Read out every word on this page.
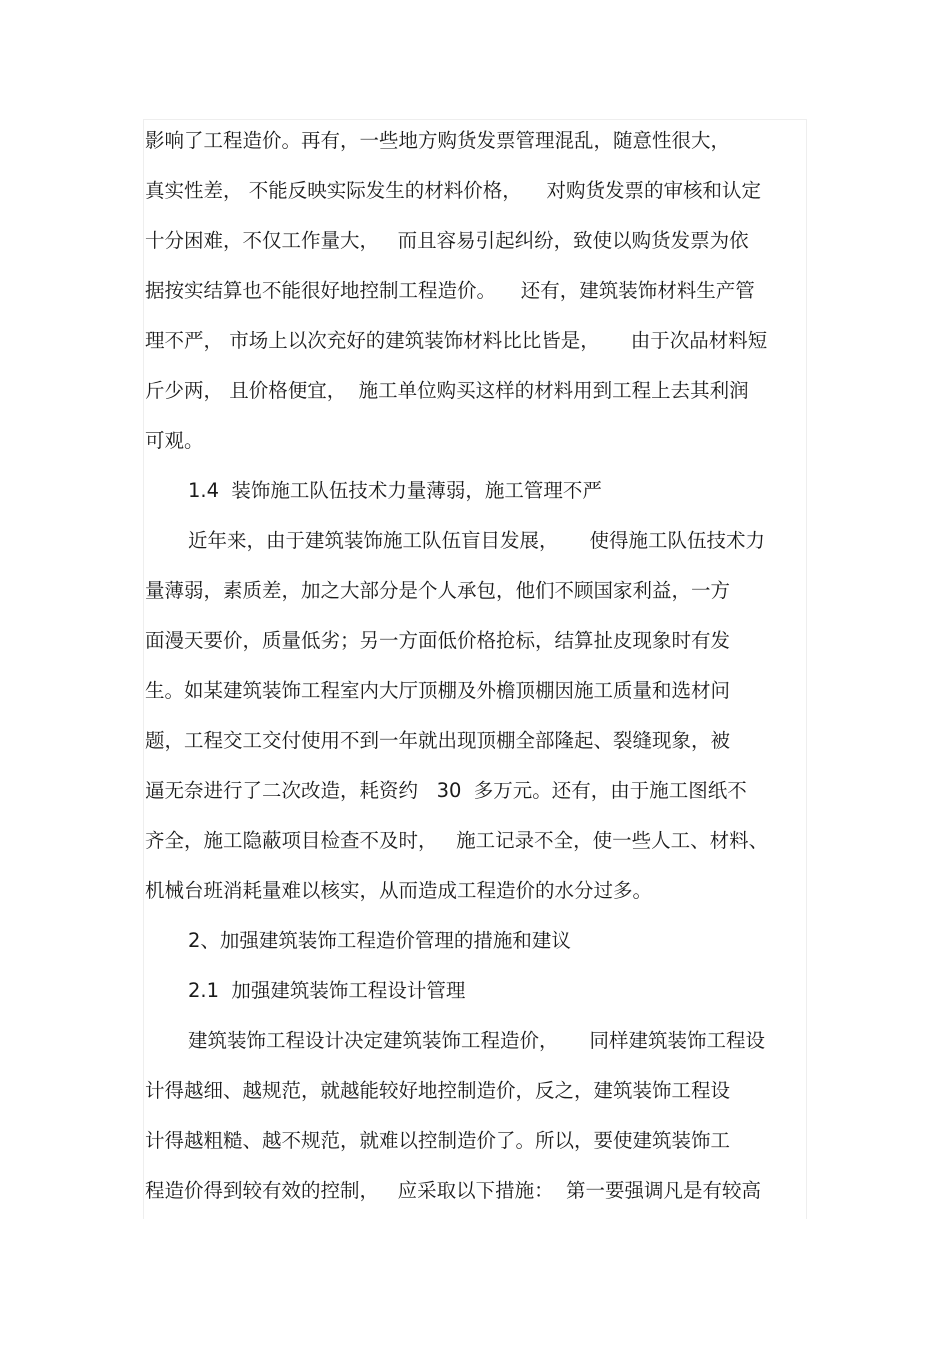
影响了工程造价。再有，一些地方购货发票管理混乱，随意性很大，
真实性差， 不能反映实际发生的材料价格，    对购货发票的审核和认定
十分困难，不仅工作量大，   而且容易引起纠纷，致使以购货发票为依
据按实结算也不能很好地控制工程造价。    还有，建筑装饰材料生产管
理不严， 市场上以次充好的建筑装饰材料比比皆是，     由于次品材料短
斤少两， 且价格便宜，  施工单位购买这样的材料用到工程上去其利润
可观。
1.4  装饰施工队伍技术力量薄弱，施工管理不严
近年来，由于建筑装饰施工队伍盲目发展，     使得施工队伍技术力
量薄弱，素质差，加之大部分是个人承包，他们不顾国家利益，一方
面漫天要价，质量低劣；另一方面低价格抢标，结算扯皮现象时有发
生。如某建筑装饰工程室内大厅顶棚及外檐顶棚因施工质量和选材问
题，工程交工交付使用不到一年就出现顶棚全部隆起、裂缝现象，被
逼无奈进行了二次改造，耗资约   30  多万元。还有，由于施工图纸不
齐全，施工隐蔽项目检查不及时，   施工记录不全，使一些人工、材料、
机械台班消耗量难以核实，从而造成工程造价的水分过多。
2、加强建筑装饰工程造价管理的措施和建议
2.1  加强建筑装饰工程设计管理
建筑装饰工程设计决定建筑装饰工程造价，     同样建筑装饰工程设
计得越细、越规范，就越能较好地控制造价，反之，建筑装饰工程设
计得越粗糙、越不规范，就难以控制造价了。所以，要使建筑装饰工
程造价得到较有效的控制，   应采取以下措施：  第一要强调凡是有较高
